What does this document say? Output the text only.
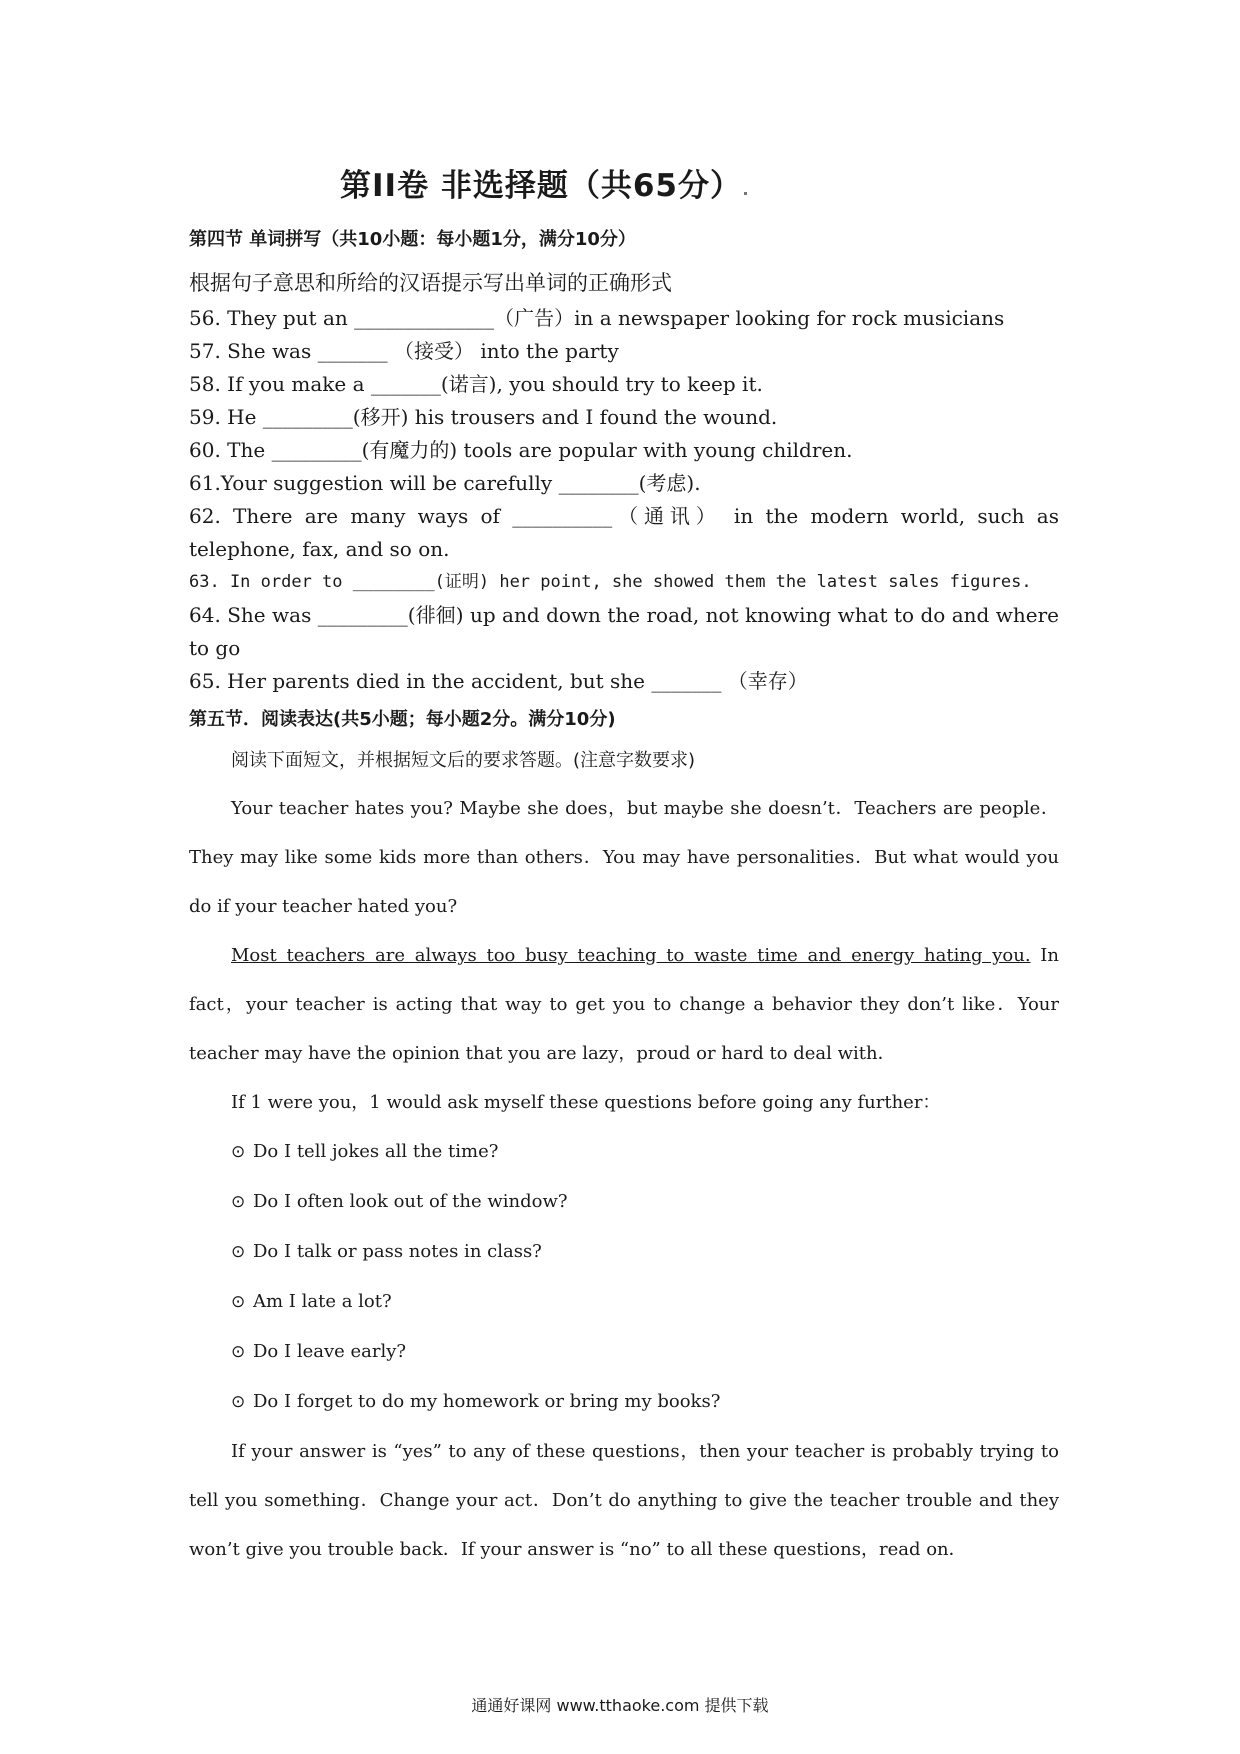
第II卷 非选择题（共65分）

第四节 单词拼写（共10小题：每小题1分，满分10分）

根据句子意思和所给的汉语提示写出单词的正确形式

56. They put an ______________（广告）in a newspaper looking for rock musicians

57. She was _______ （接受） into the party

58. If you make a _______(诺言), you should try to keep it.

59. He _________(移开) his trousers and I found the wound.

60. The _________(有魔力的) tools are popular with young children.

61.Your suggestion will be carefully ________(考虑).

62. There are many ways of __________（通讯） in the modern world, such as telephone, fax, and so on.

63. In order to ________(证明) her point, she showed them the latest sales figures.

64. She was _________(徘徊) up and down the road, not knowing what to do and where to go

65. Her parents died in the accident, but she _______ （幸存）

第五节．阅读表达(共5小题；每小题2分。满分10分)

阅读下面短文，并根据短文后的要求答题。(注意字数要求)

Your teacher hates you? Maybe she does，but maybe she doesn’t．Teachers are people．They may like some kids more than others．You may have personalities．But what would you do if your teacher hated you?

Most teachers are always too busy teaching to waste time and energy hating you. In fact，your teacher is acting that way to get you to change a behavior they don’t like．Your teacher may have the opinion that you are lazy，proud or hard to deal with．

If 1 were you，1 would ask myself these questions before going any further：

⊙ Do I tell jokes all the time?

⊙ Do I often look out of the window?

⊙ Do I talk or pass notes in class?

⊙ Am I late a lot?

⊙ Do I leave early?

⊙ Do I forget to do my homework or bring my books?

If your answer is “yes” to any of these questions，then your teacher is probably trying to tell you something．Change your act．Don’t do anything to give the teacher trouble and they won’t give you trouble back．If your answer is “no” to all these questions，read on．

通通好课网 www.tthaoke.com 提供下载
